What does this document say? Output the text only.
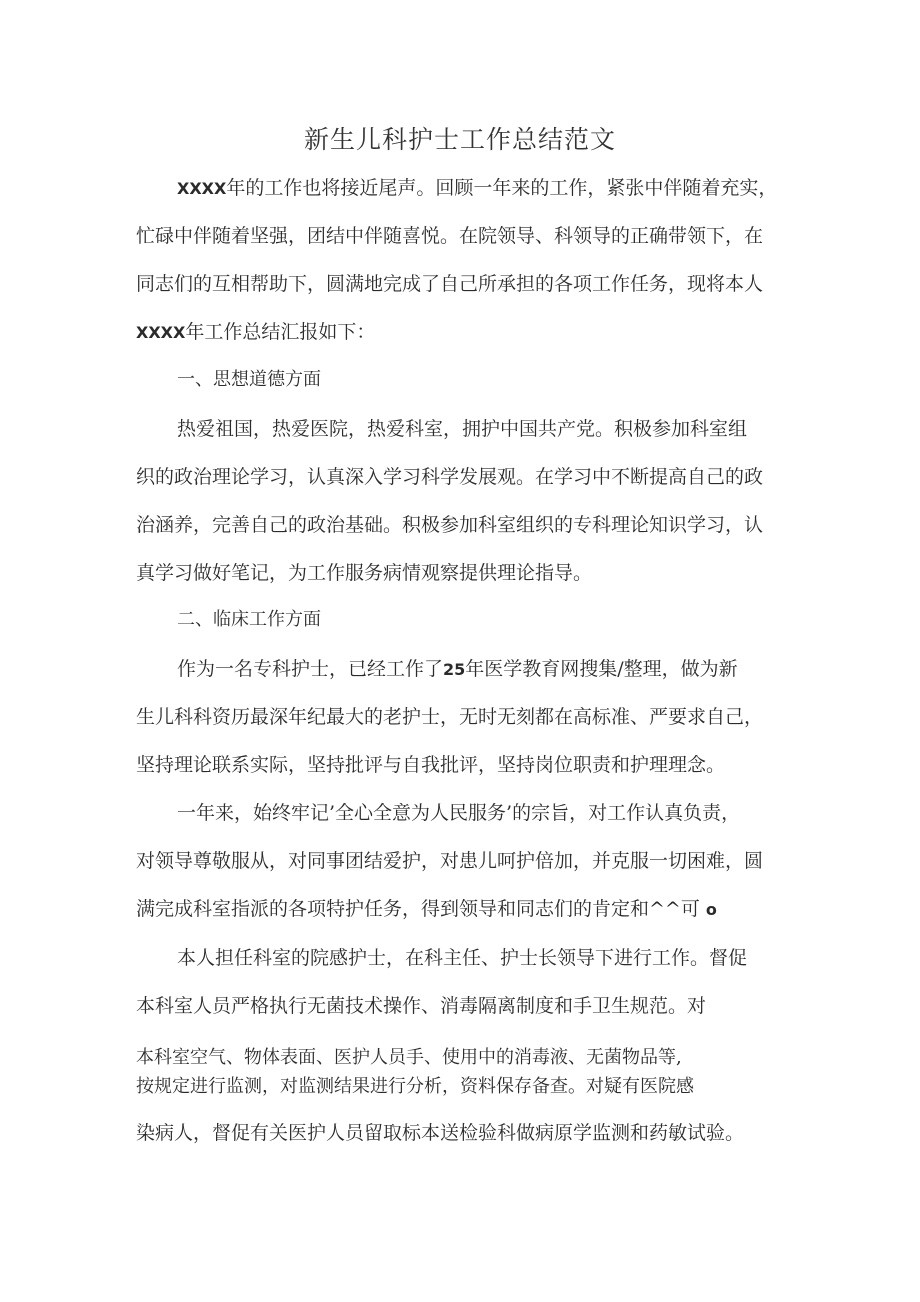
新生儿科护士工作总结范文
XXXX年的工作也将接近尾声。回顾一年来的工作，紧张中伴随着充实，
忙碌中伴随着坚强，团结中伴随喜悦。在院领导、科领导的正确带领下，在
同志们的互相帮助下，圆满地完成了自己所承担的各项工作任务，现将本人
XXXX年工作总结汇报如下：
一、思想道德方面
热爱祖国，热爱医院，热爱科室，拥护中国共产党。积极参加科室组
织的政治理论学习，认真深入学习科学发展观。在学习中不断提高自己的政
治涵养，完善自己的政治基础。积极参加科室组织的专科理论知识学习，认
真学习做好笔记，为工作服务病情观察提供理论指导。
二、临床工作方面
作为一名专科护士，已经工作了25年医学教育网搜集/整理，做为新
生儿科科资历最深年纪最大的老护士，无时无刻都在高标准、严要求自己，
坚持理论联系实际，坚持批评与自我批评，坚持岗位职责和护理理念。
一年来，始终牢记’全心全意为人民服务’的宗旨，对工作认真负责，
对领导尊敬服从，对同事团结爱护，对患儿呵护倍加，并克服一切困难，圆
满完成科室指派的各项特护任务，得到领导和同志们的肯定和^^可 o
本人担任科室的院感护士，在科主任、护士长领导下进行工作。督促
本科室人员严格执行无菌技术操作、消毒隔离制度和手卫生规范。对
本科室空气、物体表面、医护人员手、使用中的消毒液、无菌物品等,
按规定进行监测，对监测结果进行分析，资料保存备查。对疑有医院感
染病人，督促有关医护人员留取标本送检验科做病原学监测和药敏试验。
